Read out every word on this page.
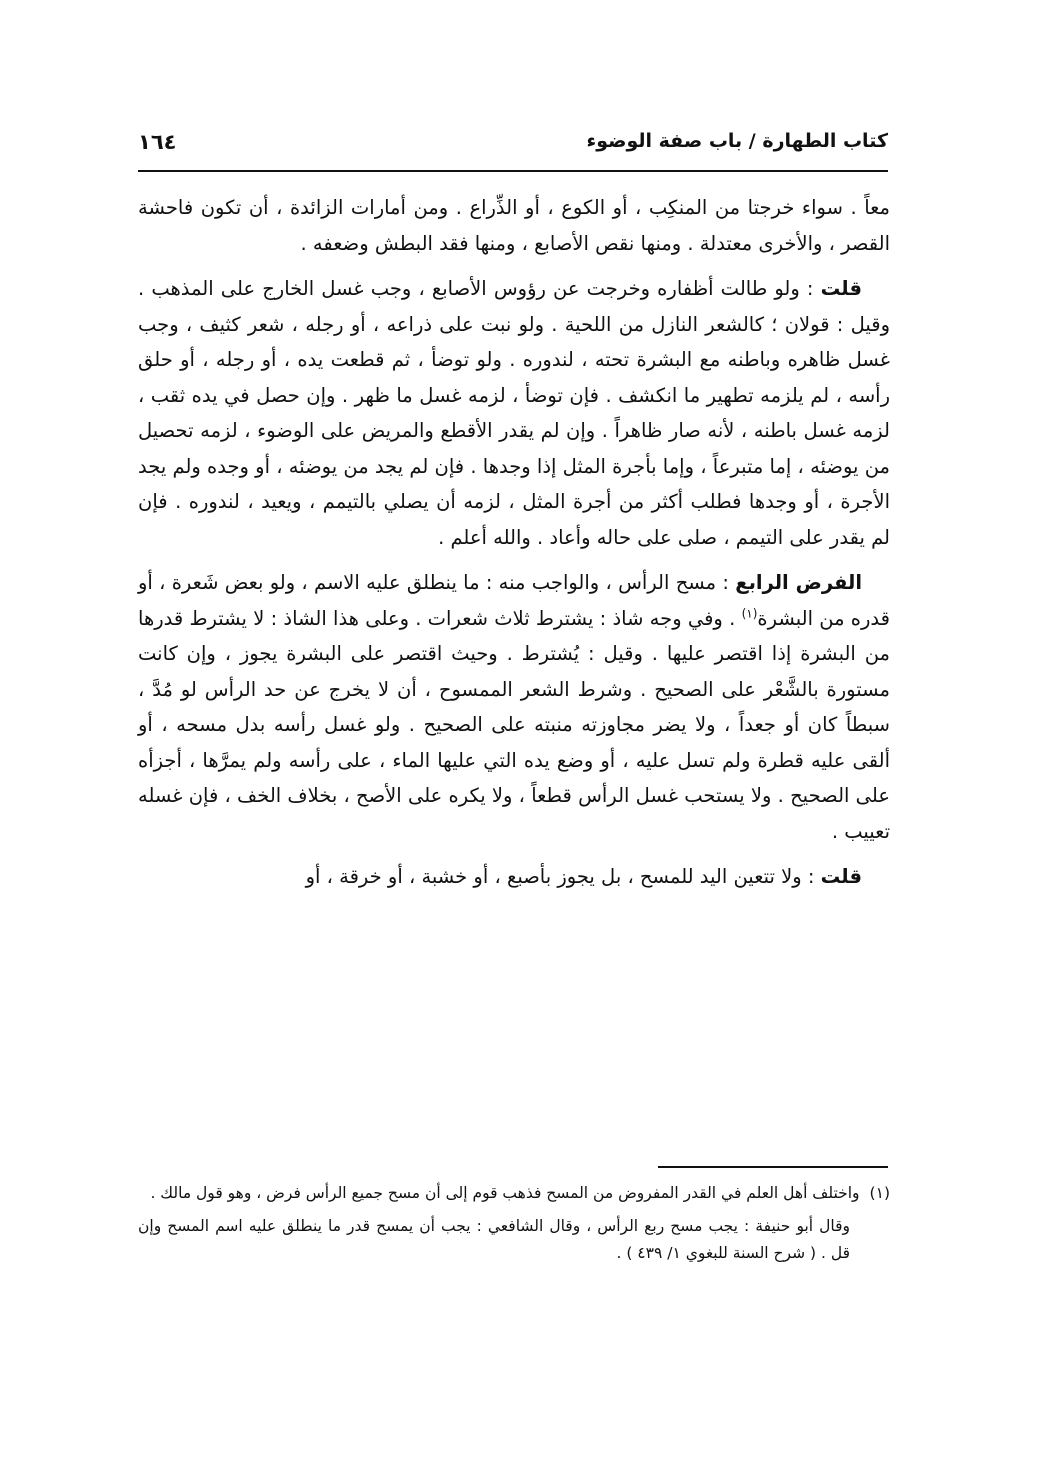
كتاب الطهارة / باب صفة الوضوء
١٦٤

معاً . سواء خرجتا من المنكِب ، أو الكوع ، أو الذِّراع . ومن أمارات الزائدة ، أن تكون فاحشة القصر ، والأخرى معتدلة . ومنها نقص الأصابع ، ومنها فقد البطش وضعفه .

قلت : ولو طالت أظفاره وخرجت عن رؤوس الأصابع ، وجب غسل الخارج على المذهب . وقيل : قولان ؛ كالشعر النازل من اللحية . ولو نبت على ذراعه ، أو رجله ، شعر كثيف ، وجب غسل ظاهره وباطنه مع البشرة تحته ، لندوره . ولو توضأ ، ثم قطعت يده ، أو رجله ، أو حلق رأسه ، لم يلزمه تطهير ما انكشف . فإن توضأ ، لزمه غسل ما ظهر . وإن حصل في يده ثقب ، لزمه غسل باطنه ، لأنه صار ظاهراً . وإن لم يقدر الأقطع والمريض على الوضوء ، لزمه تحصيل من يوضئه ، إما متبرعاً ، وإما بأجرة المثل إذا وجدها . فإن لم يجد من يوضئه ، أو وجده ولم يجد الأجرة ، أو وجدها فطلب أكثر من أجرة المثل ، لزمه أن يصلي بالتيمم ، ويعيد ، لندوره . فإن لم يقدر على التيمم ، صلى على حاله وأعاد . والله أعلم .

الفرض الرابع : مسح الرأس ، والواجب منه : ما ينطلق عليه الاسم ، ولو بعض شَعرة ، أو قدره من البشرة$^{(١)}$ . وفي وجه شاذ : يشترط ثلاث شعرات . وعلى هذا الشاذ : لا يشترط قدرها من البشرة إذا اقتصر عليها . وقيل : يُشترط . وحيث اقتصر على البشرة يجوز ، وإن كانت مستورة بالشَّعْر على الصحيح . وشرط الشعر الممسوح ، أن لا يخرج عن حد الرأس لو مُدَّ ، سبطاً كان أو جعداً ، ولا يضر مجاوزته منبته على الصحيح . ولو غسل رأسه بدل مسحه ، أو ألقى عليه قطرة ولم تسل عليه ، أو وضع يده التي عليها الماء ، على رأسه ولم يمرَّها ، أجزأه على الصحيح . ولا يستحب غسل الرأس قطعاً ، ولا يكره على الأصح ، بخلاف الخف ، فإن غسله تعييب .

قلت : ولا تتعين اليد للمسح ، بل يجوز بأصبع ، أو خشبة ، أو خرقة ، أو

(١)واختلف أهل العلم في القدر المفروض من المسح فذهب قوم إلى أن مسح جميع الرأس فرض ، وهو قول مالك .

وقال أبو حنيفة : يجب مسح ربع الرأس ، وقال الشافعي : يجب أن يمسح قدر ما ينطلق عليه اسم المسح وإن قل . ( شرح السنة للبغوي ١/ ٤٣٩ ) .
